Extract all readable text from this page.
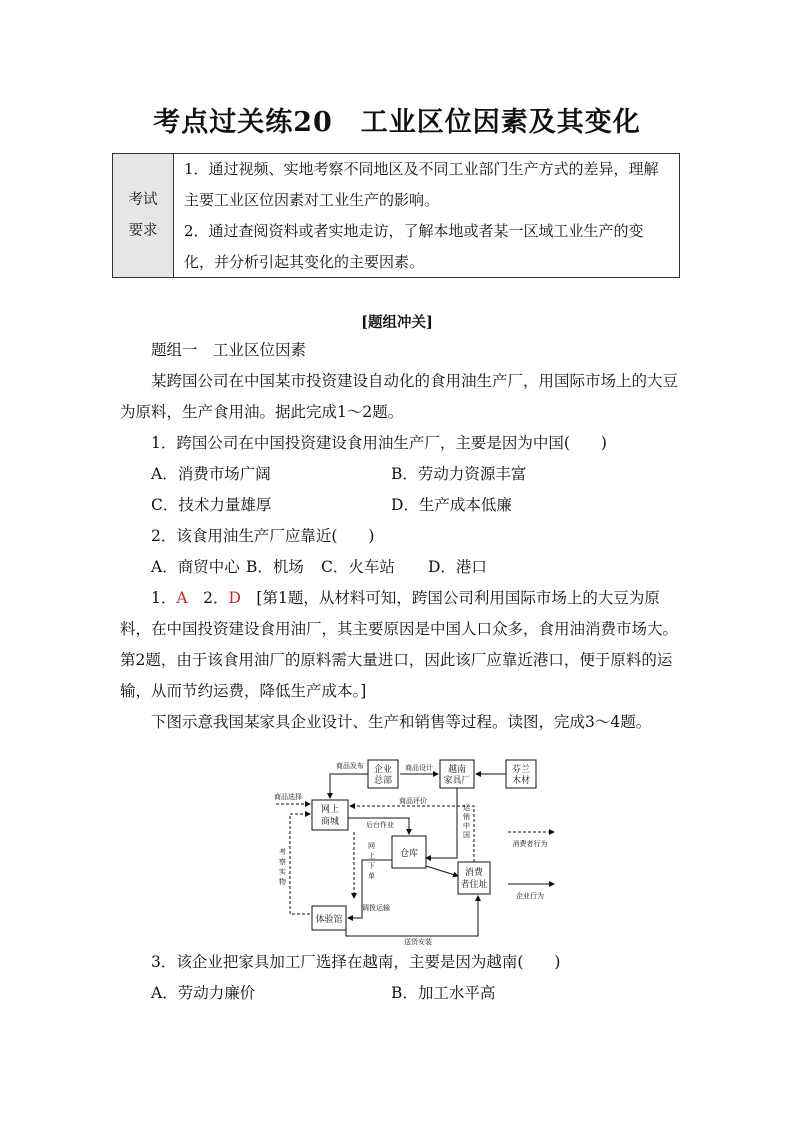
考点过关练20　工业区位因素及其变化
考试
要求

1．通过视频、实地考察不同地区及不同工业部门生产方式的差异，理解主要工业区位因素对工业生产的影响。

2．通过查阅资料或者实地走访，了解本地或者某一区域工业生产的变化，并分析引起其变化的主要因素。

[题组冲关]

题组一　工业区位因素

某跨国公司在中国某市投资建设自动化的食用油生产厂，用国际市场上的大豆为原料，生产食用油。据此完成1～2题。

1．跨国公司在中国投资建设食用油生产厂，主要是因为中国(　　)

A．消费市场广阔	B．劳动力资源丰富
C．技术力量雄厚	D．生产成本低廉

2．该食用油生产厂应靠近(　　)

A．商贸中心 B．机场	C．火车站	D．港口

1．A　 2．D　 [第1题，从材料可知，跨国公司利用国际市场上的大豆为原料，在中国投资建设食用油厂，其主要原因是中国人口众多，食用油消费市场大。第2题，由于该食用油厂的原料需大量进口，因此该厂应靠近港口，便于原料的运输，从而节约运费，降低生产成本。]

下图示意我国某家具企业设计、生产和销售等过程。读图，完成3～4题。

企业
总部
越南
家具厂
芬兰
木材
网上
商城
仓库
消费
者住址
体验馆
商品设计
商品发布
运
销
中
国
后台作业
调拨运输
送货安装
商品选择	商品评价
网
上
下
单
考
察
实
物
消费者行为
企业行为

3．该企业把家具加工厂选择在越南，主要是因为越南(　　)

A．劳动力廉价	B．加工水平高
